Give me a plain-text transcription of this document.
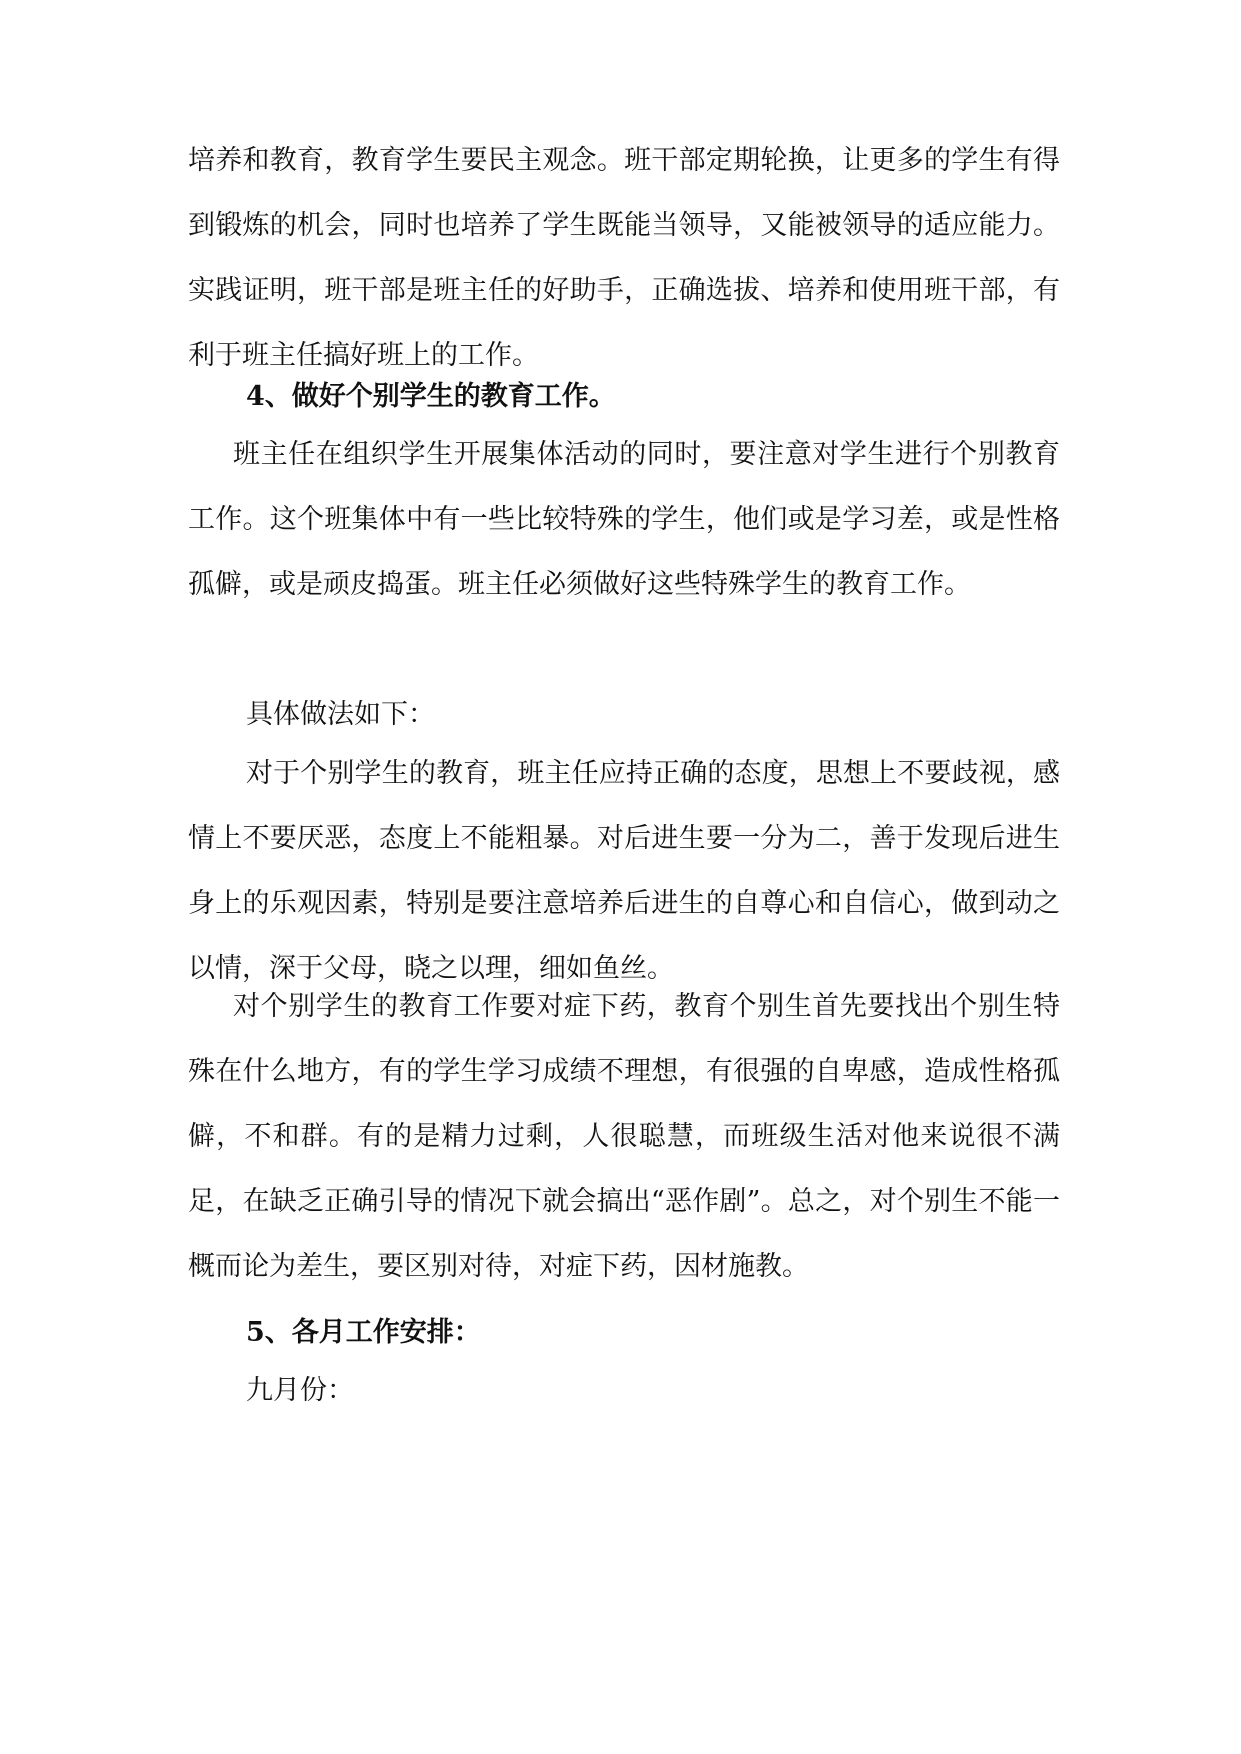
培养和教育，教育学生要民主观念。班干部定期轮换，让更多的学生有得到锻炼的机会，同时也培养了学生既能当领导，又能被领导的适应能力。实践证明，班干部是班主任的好助手，正确选拔、培养和使用班干部，有利于班主任搞好班上的工作。

4、做好个别学生的教育工作。

班主任在组织学生开展集体活动的同时，要注意对学生进行个别教育工作。这个班集体中有一些比较特殊的学生，他们或是学习差，或是性格孤僻，或是顽皮捣蛋。班主任必须做好这些特殊学生的教育工作。

具体做法如下：

对于个别学生的教育，班主任应持正确的态度，思想上不要歧视，感情上不要厌恶，态度上不能粗暴。对后进生要一分为二，善于发现后进生身上的乐观因素，特别是要注意培养后进生的自尊心和自信心，做到动之以情，深于父母，晓之以理，细如鱼丝。

对个别学生的教育工作要对症下药，教育个别生首先要找出个别生特殊在什么地方，有的学生学习成绩不理想，有很强的自卑感，造成性格孤僻，不和群。有的是精力过剩，人很聪慧，而班级生活对他来说很不满足，在缺乏正确引导的情况下就会搞出“恶作剧”。总之，对个别生不能一概而论为差生，要区别对待，对症下药，因材施教。

5、各月工作安排：

九月份：
